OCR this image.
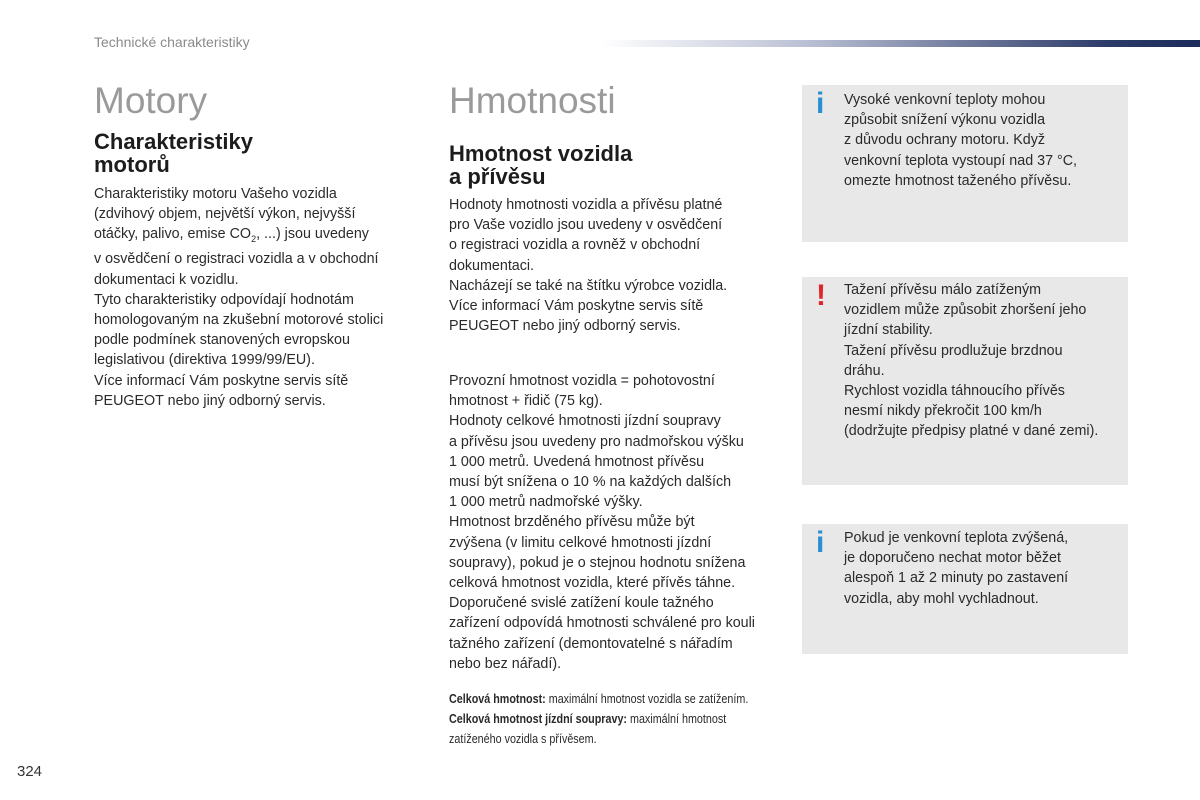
Technické charakteristiky
Motory
Charakteristiky
motorů
Charakteristiky motoru Vašeho vozidla
(zdvihový objem, největší výkon, nejvyšší
otáčky, palivo, emise $CO_2$, ...) jsou uvedeny
v osvědčení o registraci vozidla a v obchodní
dokumentaci k vozidlu.
Tyto charakteristiky odpovídají hodnotám
homologovaným na zkušební motorové stolici
podle podmínek stanovených evropskou
legislativou (direktiva 1999/99/EU).
Více informací Vám poskytne servis sítě
PEUGEOT nebo jiný odborný servis.
Hmotnosti
Hmotnost vozidla
a přívěsu
Hodnoty hmotnosti vozidla a přívěsu platné
pro Vaše vozidlo jsou uvedeny v osvědčení
o registraci vozidla a rovněž v obchodní
dokumentaci.
Nacházejí se také na štítku výrobce vozidla.
Více informací Vám poskytne servis sítě
PEUGEOT nebo jiný odborný servis.
Provozní hmotnost vozidla = pohotovostní
hmotnost + řidič (75 kg).
Hodnoty celkové hmotnosti jízdní soupravy
a přívěsu jsou uvedeny pro nadmořskou výšku
1 000 metrů. Uvedená hmotnost přívěsu
musí být snížena o 10 % na každých dalších
1 000 metrů nadmořské výšky.
Hmotnost brzděného přívěsu může být
zvýšena (v limitu celkové hmotnosti jízdní
soupravy), pokud je o stejnou hodnotu snížena
celková hmotnost vozidla, které přívěs táhne.
Doporučené svislé zatížení koule tažného
zařízení odpovídá hmotnosti schválené pro kouli
tažného zařízení (demontovatelné s nářadím
nebo bez nářadí).
Celková hmotnost: maximální hmotnost vozidla se zatížením.
Celková hmotnost jízdní soupravy: maximální hmotnost
zatíženého vozidla s přívěsem.
i Vysoké venkovní teploty mohou
způsobit snížení výkonu vozidla
z důvodu ochrany motoru. Když
venkovní teplota vystoupí nad 37 °C,
omezte hmotnost taženého přívěsu.
! Tažení přívěsu málo zatíženým
vozidlem může způsobit zhoršení jeho
jízdní stability.
Tažení přívěsu prodlužuje brzdnou
dráhu.
Rychlost vozidla táhnoucího přívěs
nesmí nikdy překročit 100 km/h
(dodržujte předpisy platné v dané zemi).
i Pokud je venkovní teplota zvýšená,
je doporučeno nechat motor běžet
alespoň 1 až 2 minuty po zastavení
vozidla, aby mohl vychladnout.
324
